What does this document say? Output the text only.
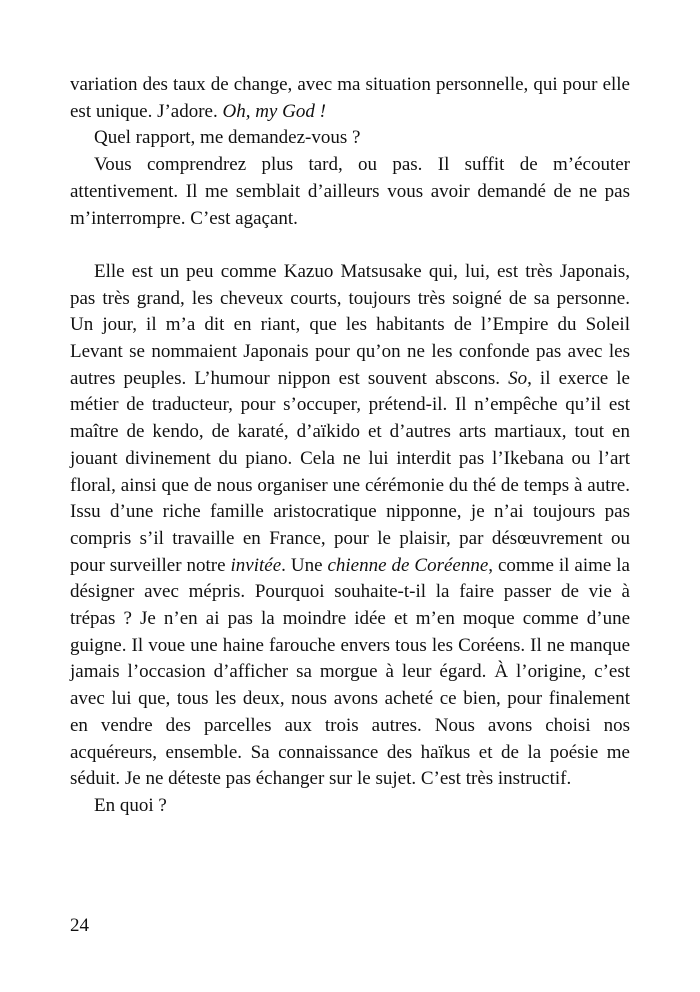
variation des taux de change, avec ma situation personnelle, qui pour elle est unique. J’adore. Oh, my God !

Quel rapport, me demandez-vous ?

Vous comprendrez plus tard, ou pas. Il suffit de m’écouter attentivement. Il me semblait d’ailleurs vous avoir demandé de ne pas m’interrompre. C’est agaçant.

Elle est un peu comme Kazuo Matsusake qui, lui, est très Japonais, pas très grand, les cheveux courts, toujours très soigné de sa personne. Un jour, il m’a dit en riant, que les habitants de l’Empire du Soleil Levant se nommaient Japonais pour qu’on ne les confonde pas avec les autres peuples. L’humour nippon est souvent abscons. So, il exerce le métier de traducteur, pour s’occuper, prétend-il. Il n’empêche qu’il est maître de kendo, de karaté, d’aïkido et d’autres arts martiaux, tout en jouant divinement du piano. Cela ne lui interdit pas l’Ikebana ou l’art floral, ainsi que de nous organiser une cérémonie du thé de temps à autre. Issu d’une riche famille aristocratique nipponne, je n’ai toujours pas compris s’il travaille en France, pour le plaisir, par désœuvrement ou pour surveiller notre invitée. Une chienne de Coréenne, comme il aime la désigner avec mépris. Pourquoi souhaite-t-il la faire passer de vie à trépas ? Je n’en ai pas la moindre idée et m’en moque comme d’une guigne. Il voue une haine farouche envers tous les Coréens. Il ne manque jamais l’occasion d’afficher sa morgue à leur égard. À l’origine, c’est avec lui que, tous les deux, nous avons acheté ce bien, pour finalement en vendre des parcelles aux trois autres. Nous avons choisi nos acquéreurs, ensemble. Sa connaissance des haïkus et de la poésie me séduit. Je ne déteste pas échanger sur le sujet. C’est très instructif.

En quoi ?

24
